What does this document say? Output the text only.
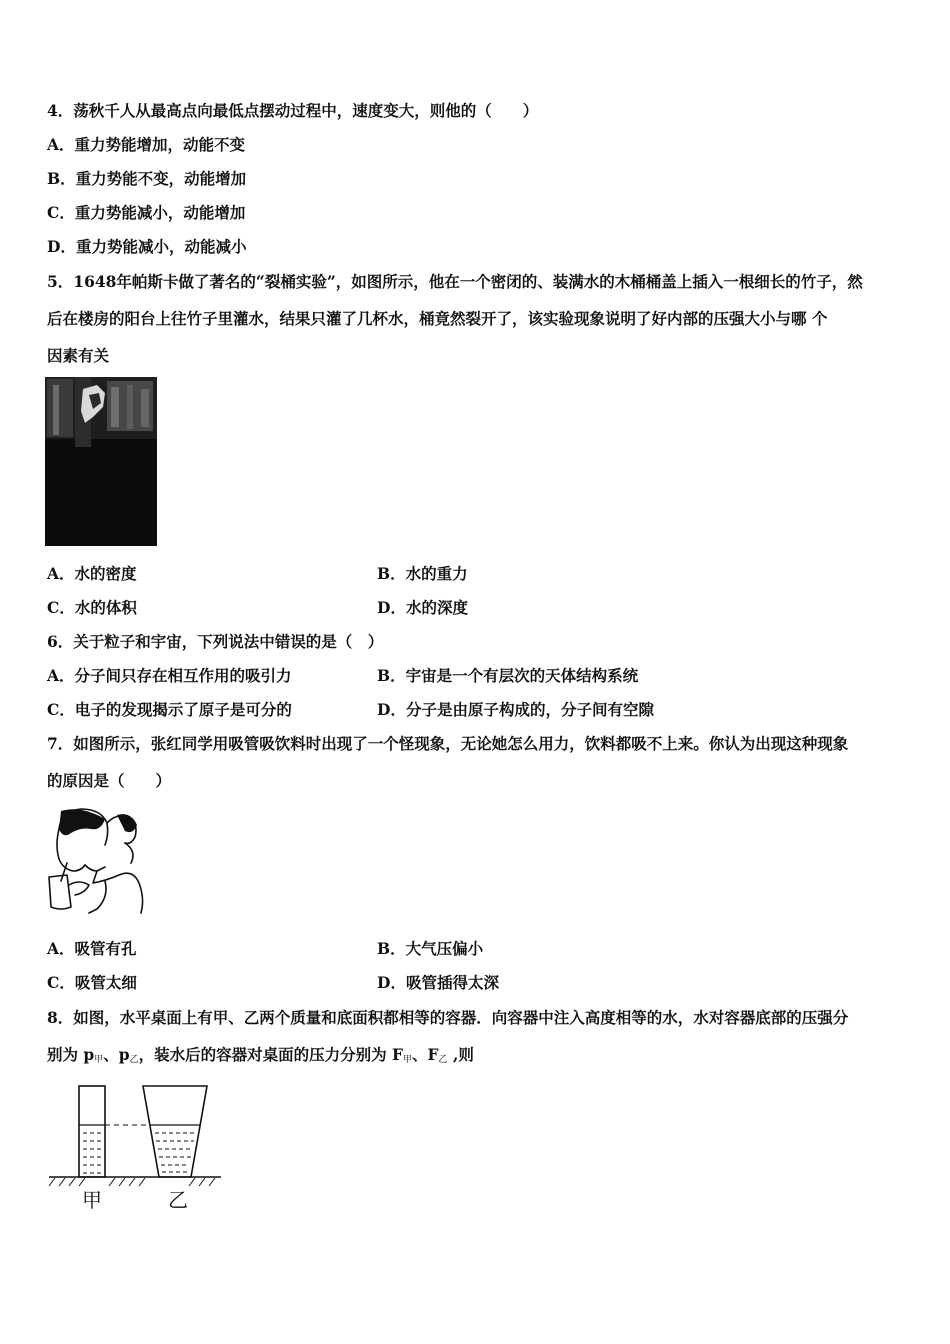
4．荡秋千人从最高点向最低点摆动过程中，速度变大，则他的（　　）
A．重力势能增加，动能不变
B．重力势能不变，动能增加
C．重力势能减小，动能增加
D．重力势能减小，动能减小
5．1648年帕斯卡做了著名的“裂桶实验”，如图所示，他在一个密闭的、装满水的木桶桶盖上插入一根细长的竹子，然
后在楼房的阳台上往竹子里灌水，结果只灌了几杯水，桶竟然裂开了，该实验现象说明了好内部的压强大小与哪 个
因素有关
A．水的密度	B．水的重力
C．水的体积	D．水的深度
6．关于粒子和宇宙，下列说法中错误的是（　）
A．分子间只存在相互作用的吸引力	B．宇宙是一个有层次的天体结构系统
C．电子的发现揭示了原子是可分的	D．分子是由原子构成的，分子间有空隙
7．如图所示，张红同学用吸管吸饮料时出现了一个怪现象，无论她怎么用力，饮料都吸不上来。你认为出现这种现象
的原因是（　　）
A．吸管有孔	B．大气压偏小
C．吸管太细	D．吸管插得太深
8．如图，水平桌面上有甲、乙两个质量和底面积都相等的容器．向容器中注入高度相等的水，水对容器底部的压强分
别为 $p_甲$、$p_乙$，装水后的容器对桌面的压力分别为 $F_甲$、$F_乙$ ,则
甲	乙
